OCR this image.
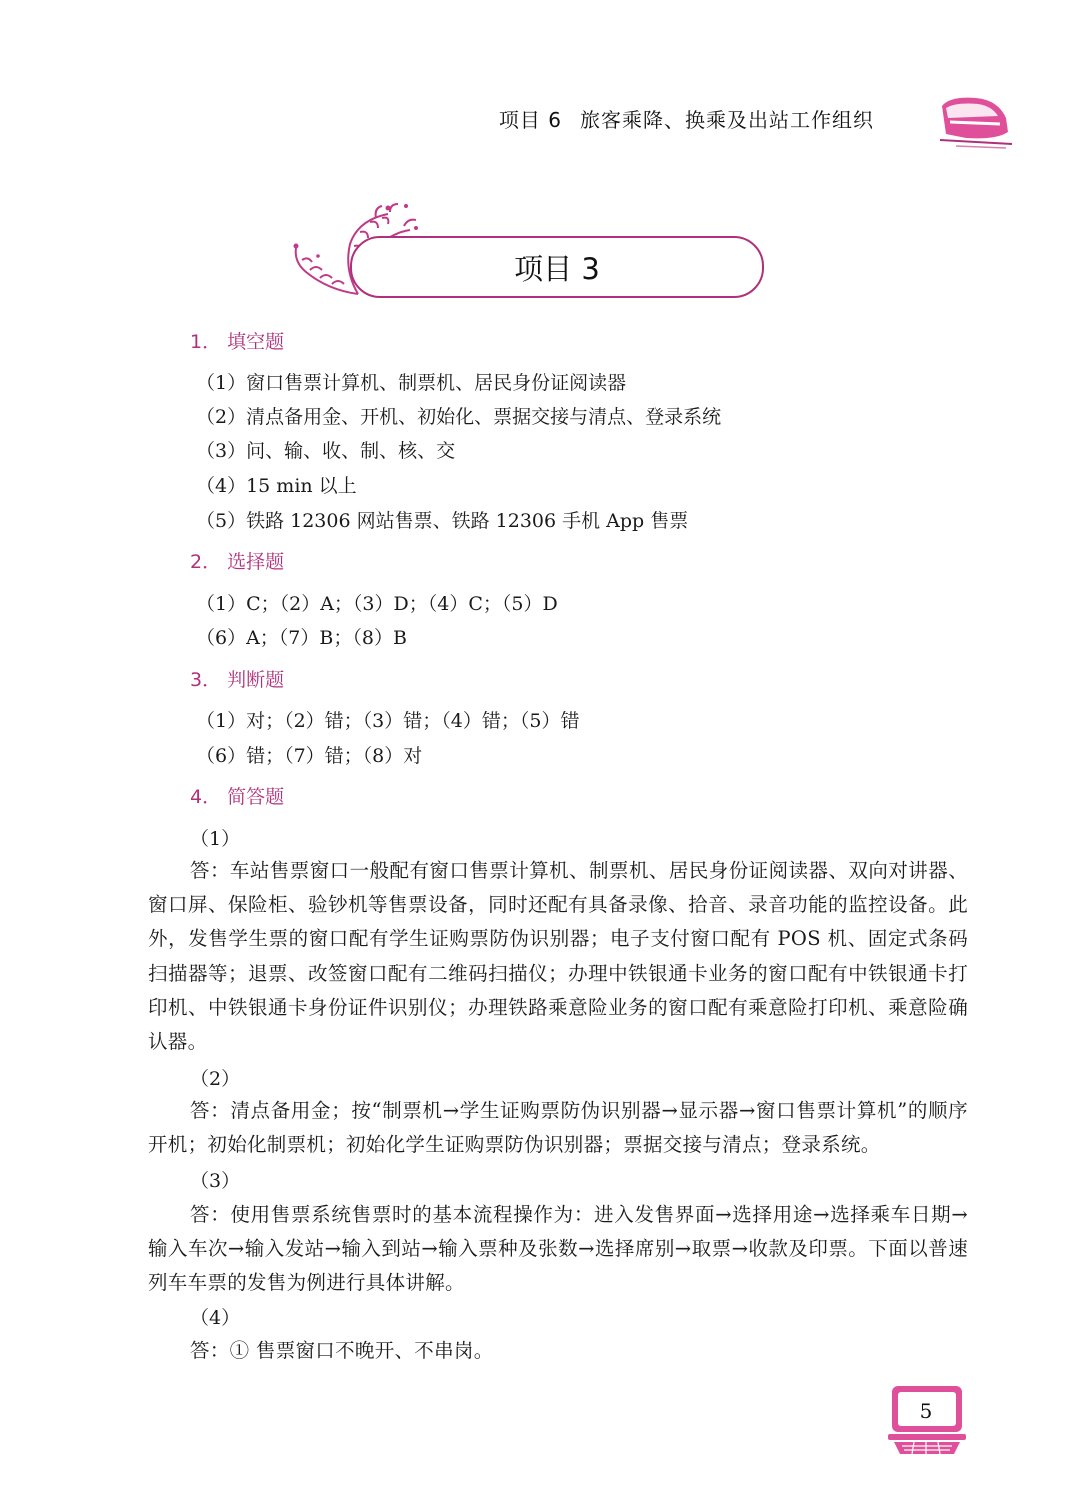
项目 6 旅客乘降、换乘及出站工作组织
项目 3
1． 填空题
（1）窗口售票计算机、制票机、居民身份证阅读器
（2）清点备用金、开机、初始化、票据交接与清点、登录系统
（3）问、输、收、制、核、交
（4）15 min 以上
（5）铁路 12306 网站售票、铁路 12306 手机 App 售票
2． 选择题
（1）C；（2）A；（3）D；（4）C；（5）D
（6）A；（7）B；（8）B
3． 判断题
（1）对；（2）错；（3）错；（4）错；（5）错
（6）错；（7）错；（8）对
4． 简答题
（1）
答：车站售票窗口一般配有窗口售票计算机、制票机、居民身份证阅读器、双向对讲器、窗口屏、保险柜、验钞机等售票设备，同时还配有具备录像、拾音、录音功能的监控设备。此外，发售学生票的窗口配有学生证购票防伪识别器；电子支付窗口配有 POS 机、固定式条码扫描器等；退票、改签窗口配有二维码扫描仪；办理中铁银通卡业务的窗口配有中铁银通卡打印机、中铁银通卡身份证件识别仪；办理铁路乘意险业务的窗口配有乘意险打印机、乘意险确认器。
（2）
答：清点备用金；按“制票机→学生证购票防伪识别器→显示器→窗口售票计算机”的顺序开机；初始化制票机；初始化学生证购票防伪识别器；票据交接与清点；登录系统。
（3）
答：使用售票系统售票时的基本流程操作为：进入发售界面→选择用途→选择乘车日期→输入车次→输入发站→输入到站→输入票种及张数→选择席别→取票→收款及印票。下面以普速列车车票的发售为例进行具体讲解。
（4）
答：① 售票窗口不晚开、不串岗。
5
